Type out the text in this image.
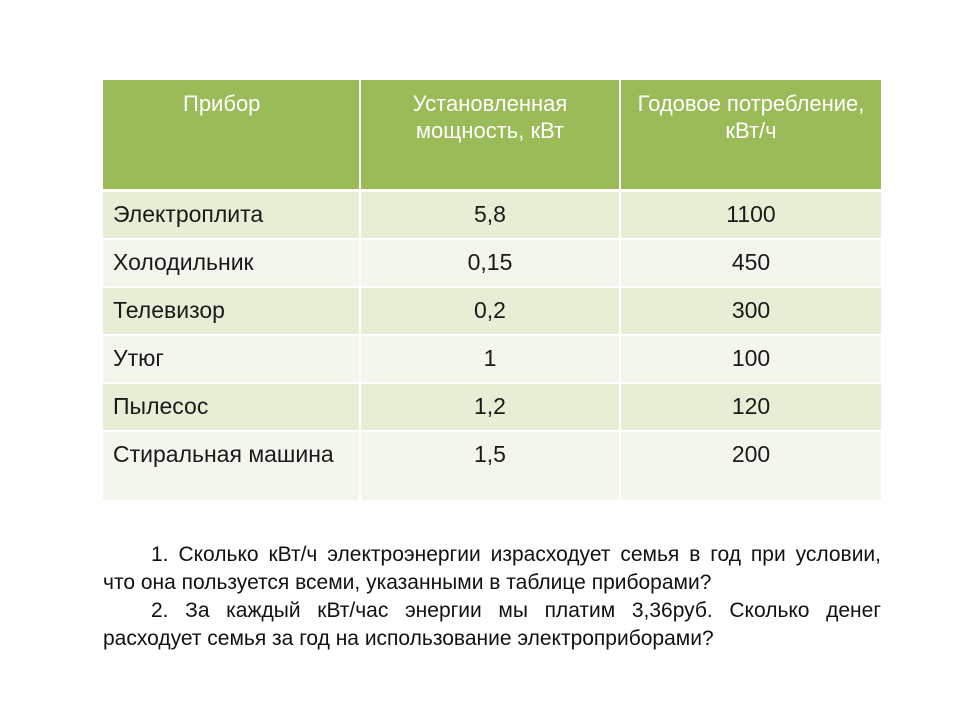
Прибор	Установленная мощность, кВт	Годовое потребление, кВт/ч
Электроплита	5,8	1100
Холодильник	0,15	450
Телевизор	0,2	300
Утюг	1	100
Пылесос	1,2	120
Стиральная машина	1,5	200

1. Сколько кВт/ч электроэнергии израсходует семья в год при условии, что она пользуется всеми, указанными в таблице приборами?

2. За каждый кВт/час энергии мы платим 3,36руб. Сколько денег расходует семья за год на использование электроприборами?
